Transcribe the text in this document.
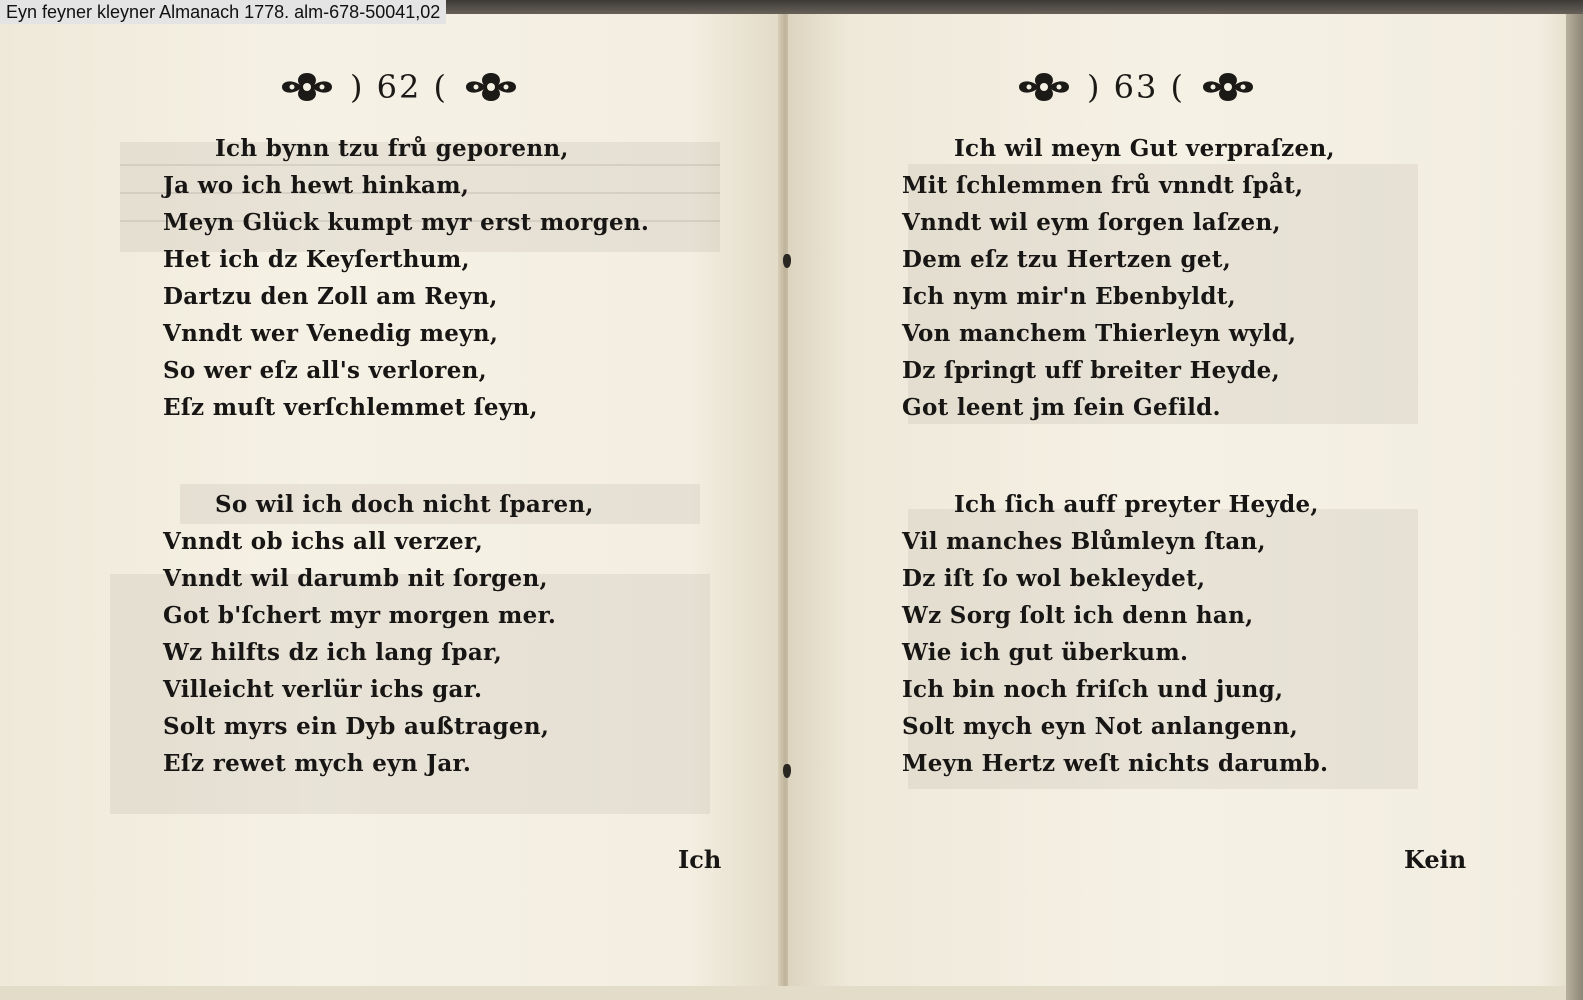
) 62 (	) 63 (
Ich bynn tzu frů geporenn,
Ja wo ich hewt hinkam,
Meyn Glück kumpt myr erst morgen.
Het ich dz Keyſerthum,
Dartzu den Zoll am Reyn,
Vnndt wer Venedig meyn,
So wer eſz all's verloren,
Eſz muſt verſchlemmet ſeyn,
So wil ich doch nicht ſparen,
Vnndt ob ichs all verzer,
Vnndt wil darumb nit ſorgen,
Got b'ſchert myr morgen mer.
Wz hilfts dz ich lang ſpar,
Villeicht verlür ichs gar.
Solt myrs ein Dyb außtragen,
Eſz rewet mych eyn Jar.
Ich
Ich wil meyn Gut verpraſzen,
Mit ſchlemmen frů vnndt ſpåt,
Vnndt wil eym ſorgen laſzen,
Dem eſz tzu Hertzen get,
Ich nym mir'n Ebenbyldt,
Von manchem Thierleyn wyld,
Dz ſpringt uff breiter Heyde,
Got leent jm ſein Gefild.
Ich ſich auff preyter Heyde,
Vil manches Blůmleyn ſtan,
Dz iſt ſo wol bekleydet,
Wz Sorg ſolt ich denn han,
Wie ich gut überkum.
Ich bin noch friſch und jung,
Solt mych eyn Not anlangenn,
Meyn Hertz weſt nichts darumb.
Kein
Eyn feyner kleyner Almanach 1778. alm-678-50041,02
